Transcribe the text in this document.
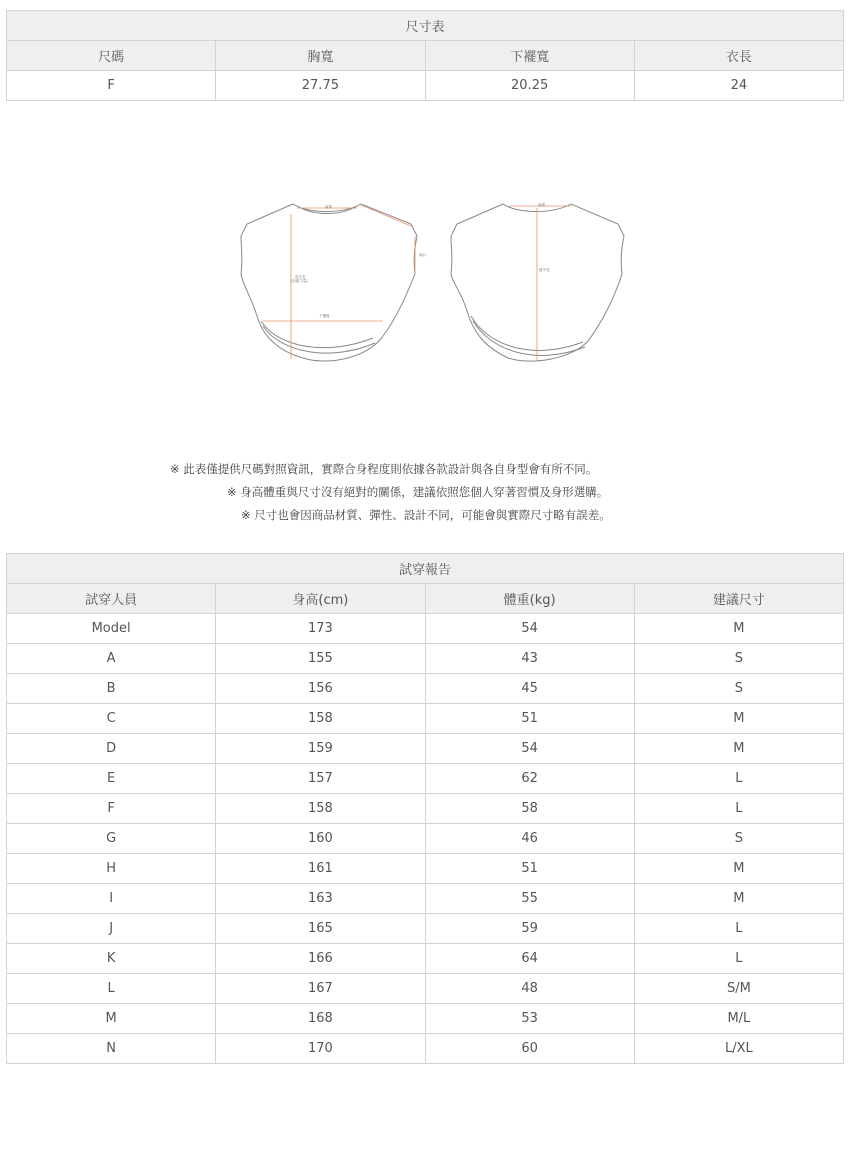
尺寸表			
尺碼	胸寬	下襬寬	衣長
F	27.75	20.25	24
肩寬
袖口
前衣長
(前頸下量)
下襬寬
肩寬
後中長
※ 此表僅提供尺碼對照資訊，實際合身程度則依據各款設計與各自身型會有所不同。
※ 身高體重與尺寸沒有絕對的關係，建議依照您個人穿著習慣及身形選購。
※ 尺寸也會因商品材質、彈性、設計不同，可能會與實際尺寸略有誤差。
試穿報告			
試穿人員	身高(cm)	體重(kg)	建議尺寸
Model	173	54	M
A	155	43	S
B	156	45	S
C	158	51	M
D	159	54	M
E	157	62	L
F	158	58	L
G	160	46	S
H	161	51	M
I	163	55	M
J	165	59	L
K	166	64	L
L	167	48	S/M
M	168	53	M/L
N	170	60	L/XL
